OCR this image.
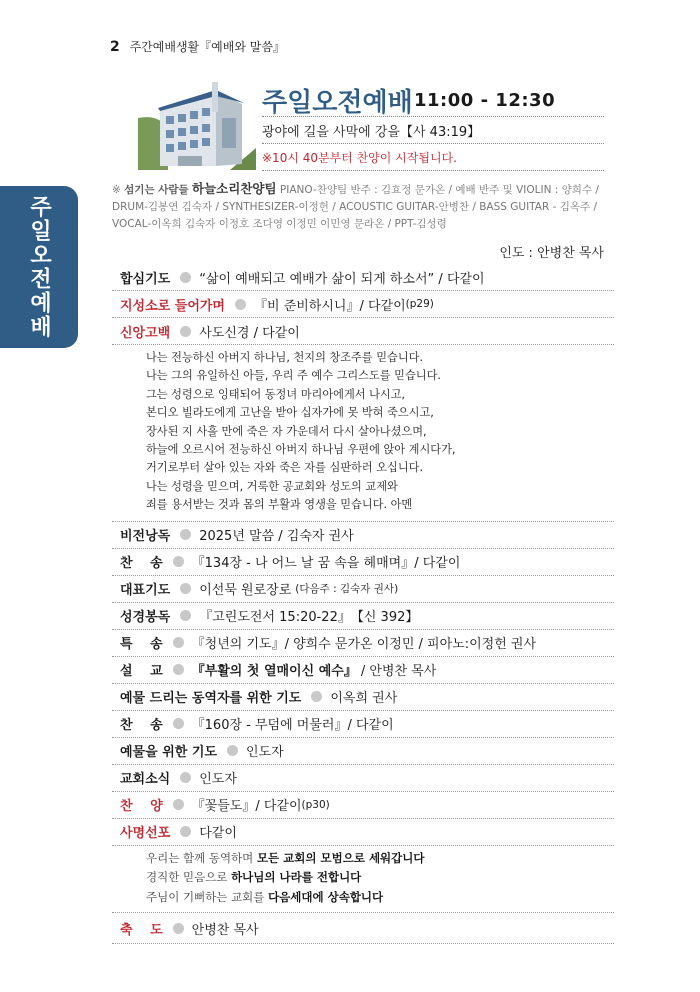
2 주간예배생활『예배와 말씀』
주일오전예배
주일오전예배 11:00 - 12:30
광야에 길을 사막에 강을【사 43:19】
※10시 40분부터 찬양이 시작됩니다.
※ 섬기는 사람들 하늘소리찬양팀 PIANO-찬양팀 반주 : 김효정 문가온 / 예배 반주 및 VIOLIN : 양희수 / DRUM-김봉연 김숙자 / SYNTHESIZER-이정헌 / ACOUSTIC GUITAR-안병찬 / BASS GUITAR - 김옥주 / VOCAL-이옥희 김숙자 이정호 조다영 이정민 이민영 문라온 / PPT-김성령
인도 : 안병찬 목사
합심기도 “삶이 예배되고 예배가 삶이 되게 하소서” / 다같이
지성소로 들어가며 『비 준비하시니』/ 다같이 (p29)
신앙고백 사도신경 / 다같이
나는 전능하신 아버지 하나님, 천지의 창조주를 믿습니다.
나는 그의 유일하신 아들, 우리 주 예수 그리스도를 믿습니다.
그는 성령으로 잉태되어 동정녀 마리아에게서 나시고,
본디오 빌라도에게 고난을 받아 십자가에 못 박혀 죽으시고,
장사된 지 사흘 만에 죽은 자 가운데서 다시 살아나셨으며,
하늘에 오르시어 전능하신 아버지 하나님 우편에 앉아 계시다가,
거기로부터 살아 있는 자와 죽은 자를 심판하러 오십니다.
나는 성령을 믿으며, 거룩한 공교회와 성도의 교제와
죄를 용서받는 것과 몸의 부활과 영생을 믿습니다. 아멘
비전낭독 2025년 말씀 / 김숙자 권사
찬　 송 『134장 - 나 어느 날 꿈 속을 헤매며』/ 다같이
대표기도 이선묵 원로장로 (다음주 : 김숙자 권사)
성경봉독 『고린도전서 15:20-22』 【신 392】
특　 송 『청년의 기도』/ 양희수 문가온 이정민 / 피아노:이정헌 권사
설　 교 『부활의 첫 열매이신 예수』 / 안병찬 목사
예물 드리는 동역자를 위한 기도 이옥희 권사
찬　 송 『160장 - 무덤에 머물러』/ 다같이
예물을 위한 기도 인도자
교회소식 인도자
찬　 양 『꽃들도』/ 다같이 (p30)
사명선포 다같이
우리는 함께 동역하며 모든 교회의 모범으로 세워갑니다
경직한 믿음으로 하나님의 나라를 전합니다
주님이 기뻐하는 교회를 다음세대에 상속합니다
축　 도 안병찬 목사
